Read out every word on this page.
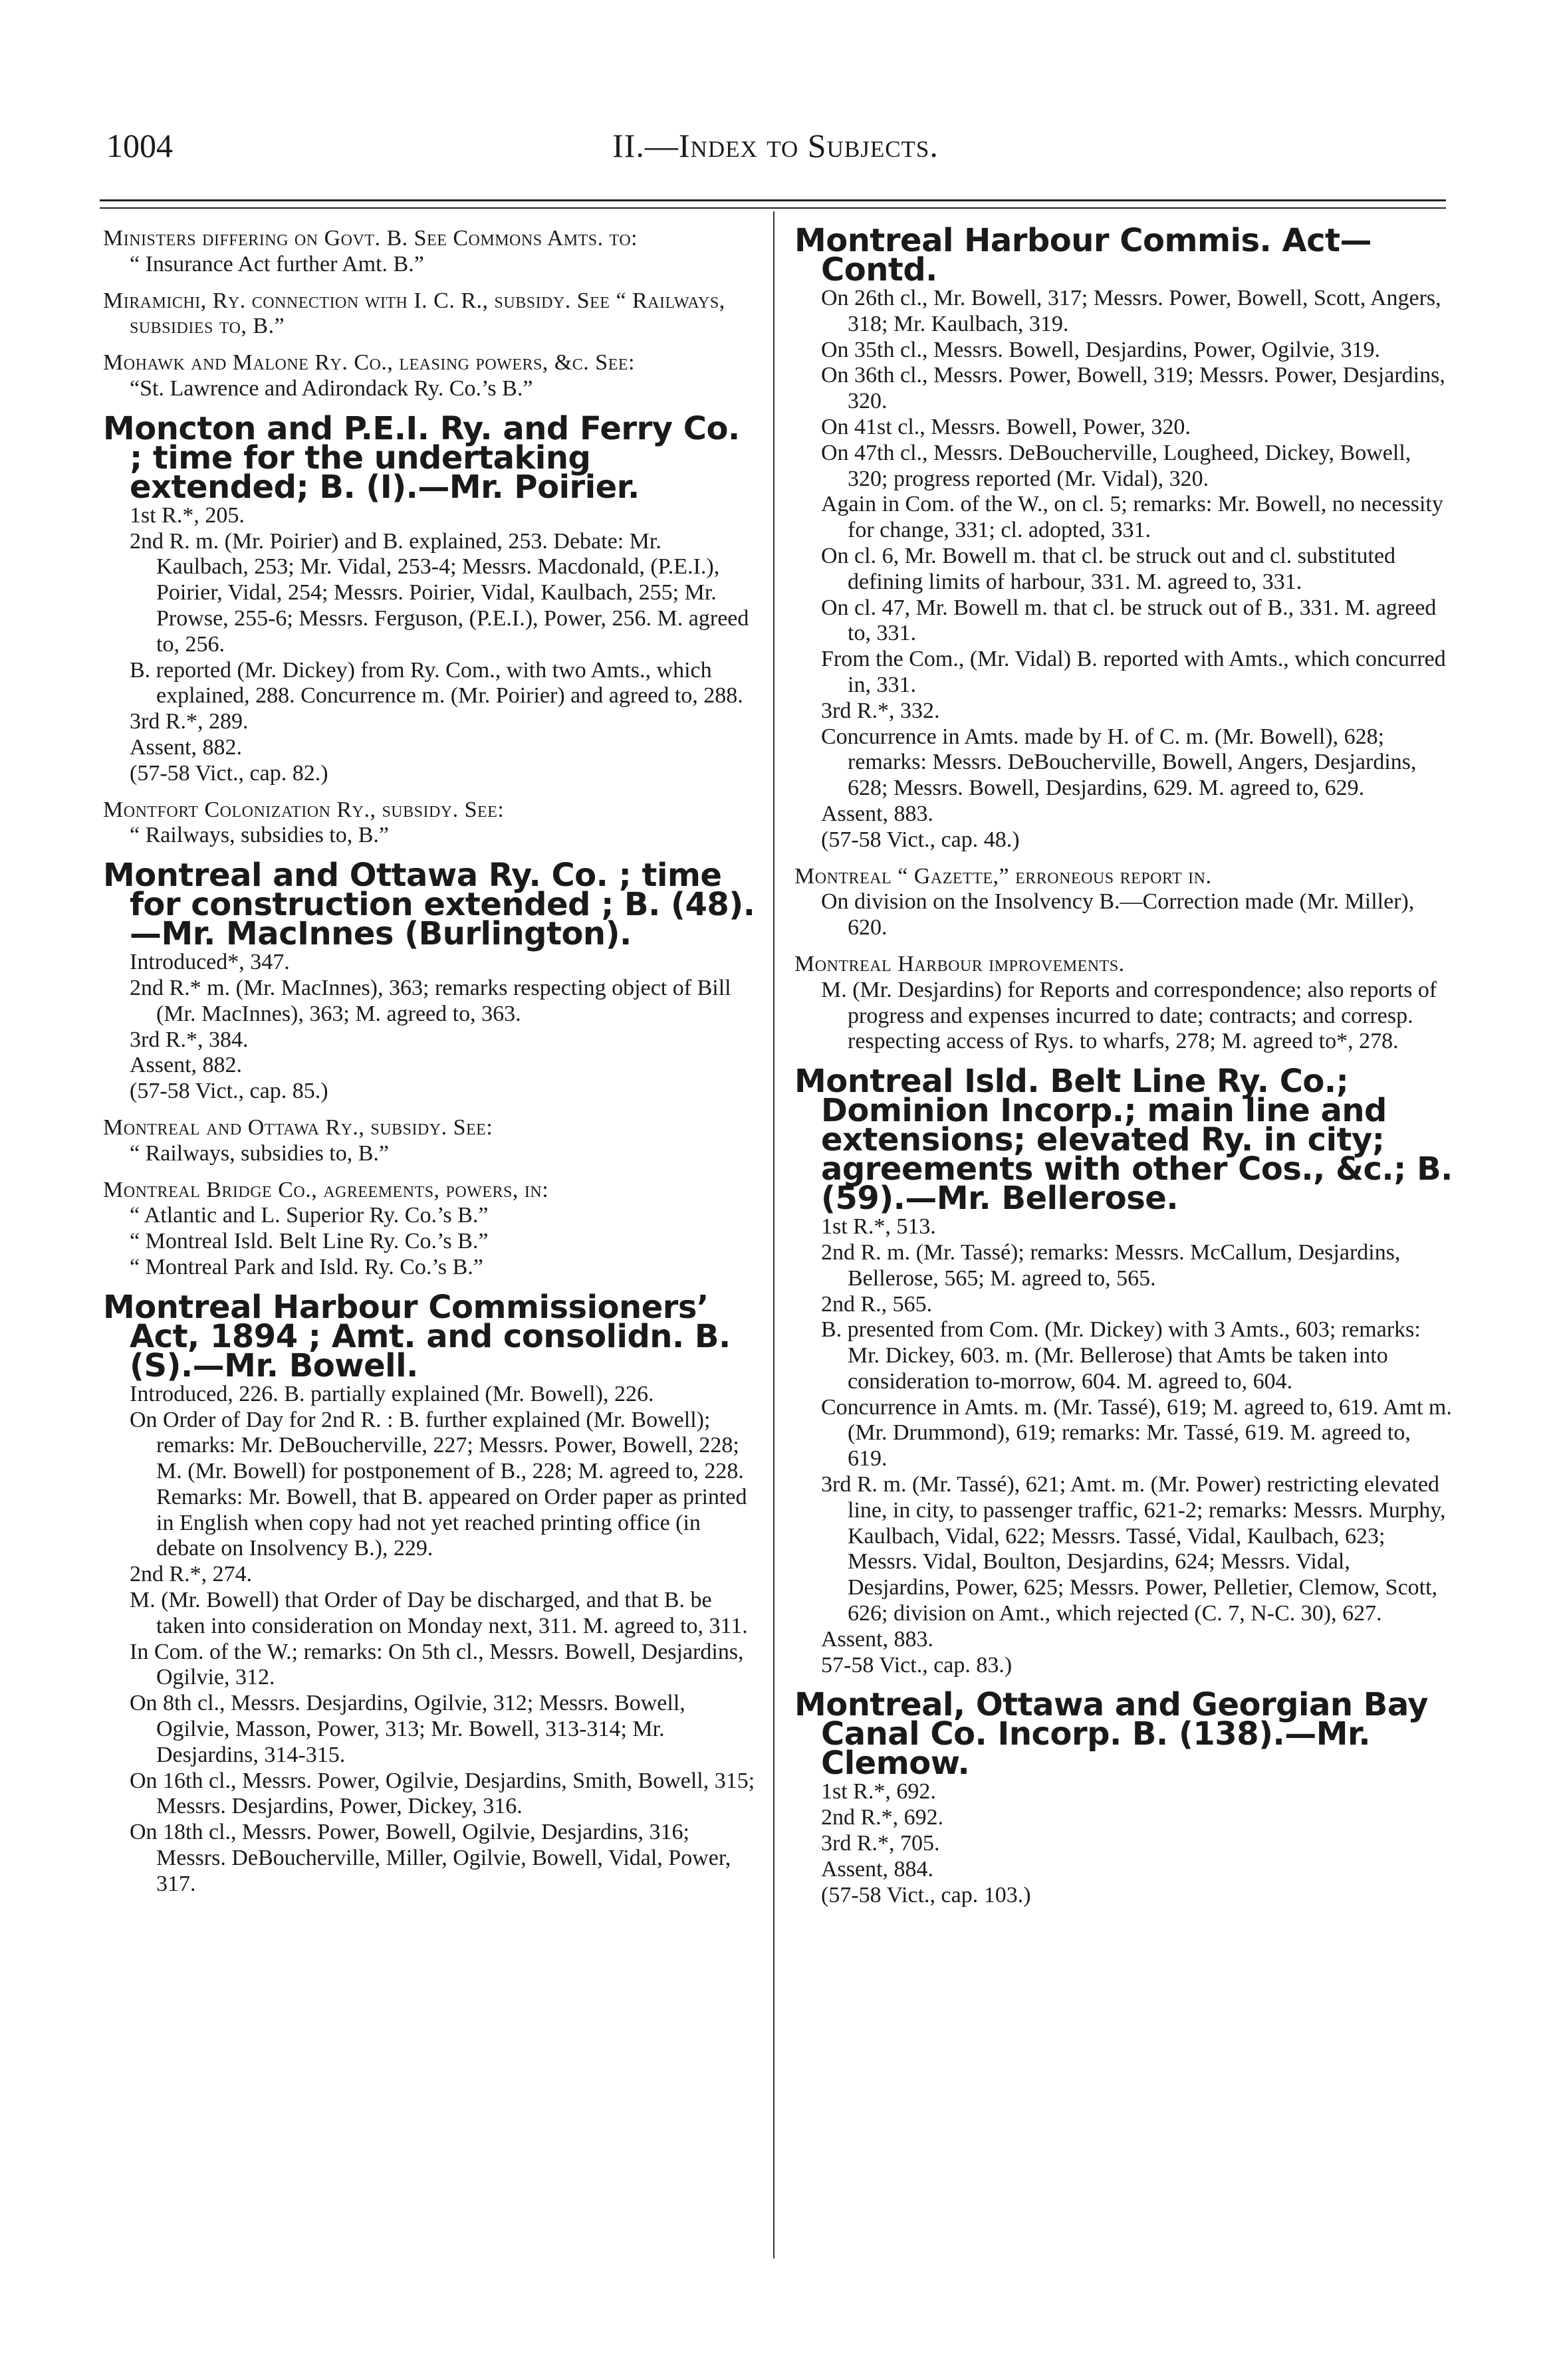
1004	II.—Index to Subjects.
Ministers differing on Govt. B. See Commons Amts. to:
“ Insurance Act further Amt. B.”
Miramichi, Ry. connection with I. C. R., subsidy. See “ Railways, subsidies to, B.”
Mohawk and Malone Ry. Co., leasing powers, &c. See:
“St. Lawrence and Adirondack Ry. Co.’s B.”
Moncton and P.E.I. Ry. and Ferry Co. ; time for the undertaking extended; B. (I).—Mr. Poirier.
1st R.*, 205.
2nd R. m. (Mr. Poirier) and B. explained, 253. Debate: Mr. Kaulbach, 253; Mr. Vidal, 253-4; Messrs. Macdonald, (P.E.I.), Poirier, Vidal, 254; Messrs. Poirier, Vidal, Kaulbach, 255; Mr. Prowse, 255-6; Messrs. Ferguson, (P.E.I.), Power, 256. M. agreed to, 256.
B. reported (Mr. Dickey) from Ry. Com., with two Amts., which explained, 288. Concurrence m. (Mr. Poirier) and agreed to, 288.
3rd R.*, 289.
Assent, 882.
(57-58 Vict., cap. 82.)
Montfort Colonization Ry., subsidy. See:
“ Railways, subsidies to, B.”
Montreal and Ottawa Ry. Co. ; time for construction extended ; B. (48).—Mr. MacInnes (Burlington).
Introduced*, 347.
2nd R.* m. (Mr. MacInnes), 363; remarks respecting object of Bill (Mr. MacInnes), 363; M. agreed to, 363.
3rd R.*, 384.
Assent, 882.
(57-58 Vict., cap. 85.)
Montreal and Ottawa Ry., subsidy. See:
“ Railways, subsidies to, B.”
Montreal Bridge Co., agreements, powers, in:
“ Atlantic and L. Superior Ry. Co.’s B.”
“ Montreal Isld. Belt Line Ry. Co.’s B.”
“ Montreal Park and Isld. Ry. Co.’s B.”
Montreal Harbour Commissioners’ Act, 1894 ; Amt. and consolidn. B. (S).—Mr. Bowell.
Introduced, 226. B. partially explained (Mr. Bowell), 226.
On Order of Day for 2nd R. : B. further explained (Mr. Bowell); remarks: Mr. DeBoucherville, 227; Messrs. Power, Bowell, 228; M. (Mr. Bowell) for postponement of B., 228; M. agreed to, 228. Remarks: Mr. Bowell, that B. appeared on Order paper as printed in English when copy had not yet reached printing office (in debate on Insolvency B.), 229.
2nd R.*, 274.
M. (Mr. Bowell) that Order of Day be discharged, and that B. be taken into consideration on Monday next, 311. M. agreed to, 311.
In Com. of the W.; remarks: On 5th cl., Messrs. Bowell, Desjardins, Ogilvie, 312.
On 8th cl., Messrs. Desjardins, Ogilvie, 312; Messrs. Bowell, Ogilvie, Masson, Power, 313; Mr. Bowell, 313-314; Mr. Desjardins, 314-315.
On 16th cl., Messrs. Power, Ogilvie, Desjardins, Smith, Bowell, 315; Messrs. Desjardins, Power, Dickey, 316.
On 18th cl., Messrs. Power, Bowell, Ogilvie, Desjardins, 316; Messrs. DeBoucherville, Miller, Ogilvie, Bowell, Vidal, Power, 317.
Montreal Harbour Commis. Act—Contd.
On 26th cl., Mr. Bowell, 317; Messrs. Power, Bowell, Scott, Angers, 318; Mr. Kaulbach, 319.
On 35th cl., Messrs. Bowell, Desjardins, Power, Ogilvie, 319.
On 36th cl., Messrs. Power, Bowell, 319; Messrs. Power, Desjardins, 320.
On 41st cl., Messrs. Bowell, Power, 320.
On 47th cl., Messrs. DeBoucherville, Lougheed, Dickey, Bowell, 320; progress reported (Mr. Vidal), 320.
Again in Com. of the W., on cl. 5; remarks: Mr. Bowell, no necessity for change, 331; cl. adopted, 331.
On cl. 6, Mr. Bowell m. that cl. be struck out and cl. substituted defining limits of harbour, 331. M. agreed to, 331.
On cl. 47, Mr. Bowell m. that cl. be struck out of B., 331. M. agreed to, 331.
From the Com., (Mr. Vidal) B. reported with Amts., which concurred in, 331.
3rd R.*, 332.
Concurrence in Amts. made by H. of C. m. (Mr. Bowell), 628; remarks: Messrs. DeBoucherville, Bowell, Angers, Desjardins, 628; Messrs. Bowell, Desjardins, 629. M. agreed to, 629.
Assent, 883.
(57-58 Vict., cap. 48.)
Montreal “ Gazette,” erroneous report in.
On division on the Insolvency B.—Correction made (Mr. Miller), 620.
Montreal Harbour improvements.
M. (Mr. Desjardins) for Reports and correspondence; also reports of progress and expenses incurred to date; contracts; and corresp. respecting access of Rys. to wharfs, 278; M. agreed to*, 278.
Montreal Isld. Belt Line Ry. Co.; Dominion Incorp.; main line and extensions; elevated Ry. in city; agreements with other Cos., &c.; B. (59).—Mr. Bellerose.
1st R.*, 513.
2nd R. m. (Mr. Tassé); remarks: Messrs. McCallum, Desjardins, Bellerose, 565; M. agreed to, 565.
2nd R., 565.
B. presented from Com. (Mr. Dickey) with 3 Amts., 603; remarks: Mr. Dickey, 603. m. (Mr. Bellerose) that Amts be taken into consideration to-morrow, 604. M. agreed to, 604.
Concurrence in Amts. m. (Mr. Tassé), 619; M. agreed to, 619. Amt m. (Mr. Drummond), 619; remarks: Mr. Tassé, 619. M. agreed to, 619.
3rd R. m. (Mr. Tassé), 621; Amt. m. (Mr. Power) restricting elevated line, in city, to passenger traffic, 621-2; remarks: Messrs. Murphy, Kaulbach, Vidal, 622; Messrs. Tassé, Vidal, Kaulbach, 623; Messrs. Vidal, Boulton, Desjardins, 624; Messrs. Vidal, Desjardins, Power, 625; Messrs. Power, Pelletier, Clemow, Scott, 626; division on Amt., which rejected (C. 7, N-C. 30), 627.
Assent, 883.
57-58 Vict., cap. 83.)
Montreal, Ottawa and Georgian Bay Canal Co. Incorp. B. (138).—Mr. Clemow.
1st R.*, 692.
2nd R.*, 692.
3rd R.*, 705.
Assent, 884.
(57-58 Vict., cap. 103.)
